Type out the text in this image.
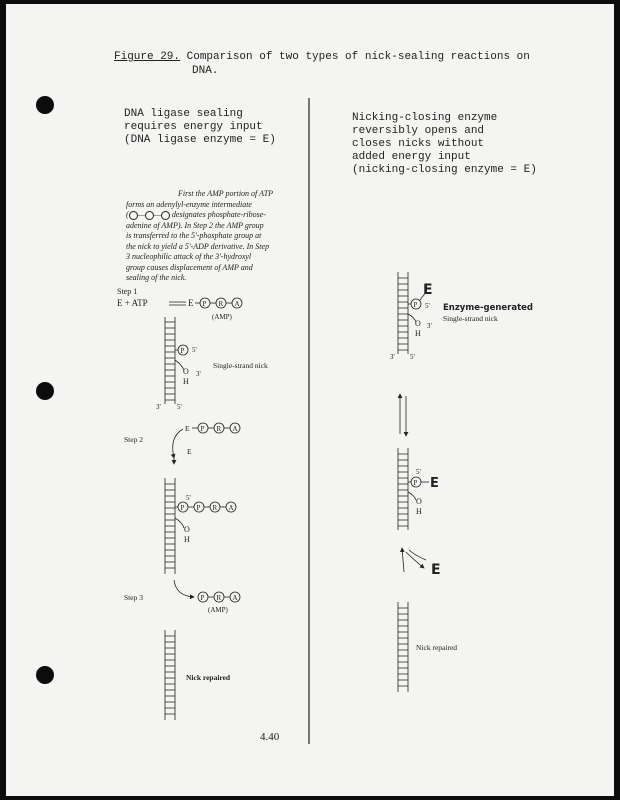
Figure 29. Comparison of two types of nick-sealing reactions on
DNA.
DNA ligase sealing
requires energy input
(DNA ligase enzyme = E)
Nicking-closing enzyme
reversibly opens and
closes nicks without
added energy input
(nicking-closing enzyme = E)
First the AMP portion of ATP
forms an adenylyl-enzyme intermediate
( — — designates phosphate-ribose-
adenine of AMP). In Step 2 the AMP group
is transferred to the 5'-phosphate group at
the nick to yield a 5'-ADP derivative. In Step
3 nucleophilic attack of the 3'-hydroxyl
group causes displacement of AMP and
sealing of the nick.
Step 1
E + ATP	E P R A
(AMP)
P 5'
O
H
3'
Single-strand nick
3' 5'
Step 2
E P R A
E
5'
P P R A
O
H
Step 3	P R A
(AMP)
Nick repaired
P
E
5' Enzyme-generated
Single-strand nick
O
H
3'
3' 5'
5'
P E
O
H
E
Nick repaired
4.40
